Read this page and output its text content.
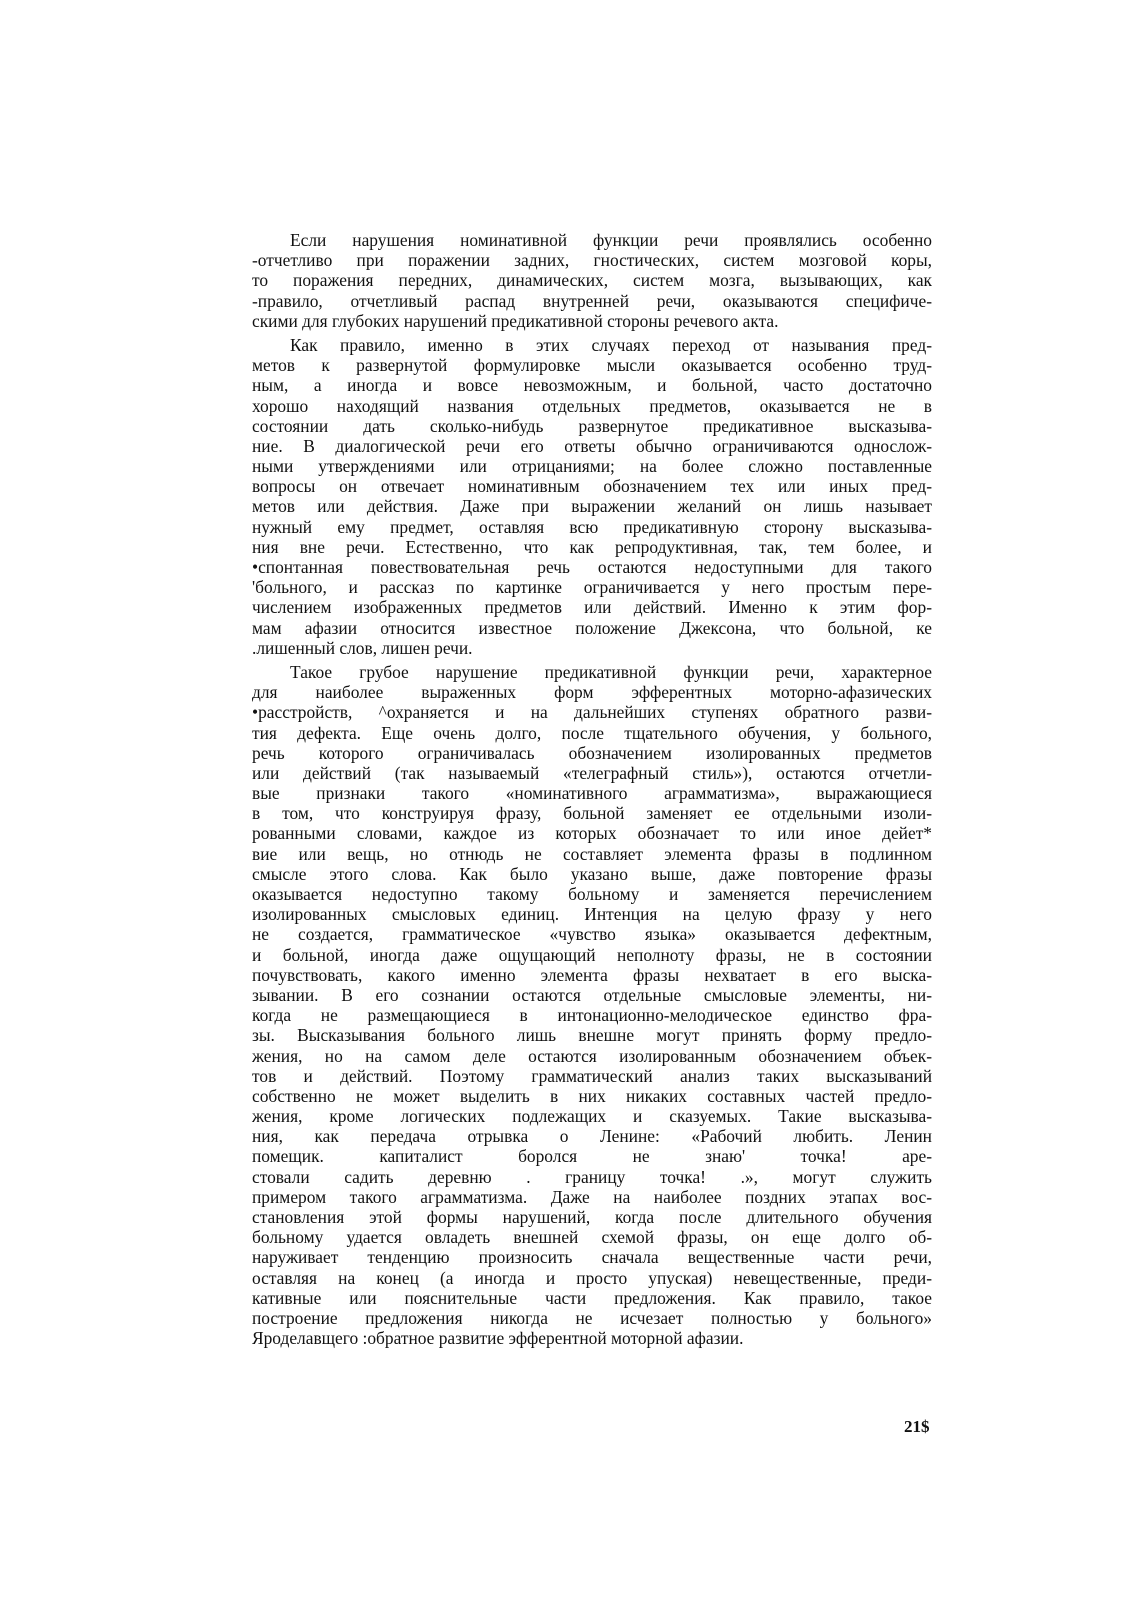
Если нарушения номинативной функции речи проявлялись особенно
-отчетливо при поражении задних, гностических, систем мозговой коры,
то поражения передних, динамических, систем мозга, вызывающих, как
-правило, отчетливый распад внутренней речи, оказываются специфиче-
скими для глубоких нарушений предикативной стороны речевого акта.
Как правило, именно в этих случаях переход от называния пред-
метов к развернутой формулировке мысли оказывается особенно труд-
ным, а иногда и вовсе невозможным, и больной, часто достаточно
хорошо находящий названия отдельных предметов, оказывается не в
состоянии дать сколько-нибудь развернутое предикативное высказыва-
ние. В диалогической речи его ответы обычно ограничиваются однослож-
ными утверждениями или отрицаниями; на более сложно поставленные
вопросы он отвечает номинативным обозначением тех или иных пред-
метов или действия. Даже при выражении желаний он лишь называет
нужный ему предмет, оставляя всю предикативную сторону высказыва-
ния вне речи. Естественно, что как репродуктивная, так, тем более, и
•спонтанная повествовательная речь остаются недоступными для такого
'больного, и рассказ по картинке ограничивается у него простым пере-
числением изображенных предметов или действий. Именно к этим фор-
мам афазии относится известное положение Джексона, что больной, ке
.лишенный слов, лишен речи.
Такое грубое нарушение предикативной функции речи, характерное
для наиболее выраженных форм эфферентных моторно-афазических
•расстройств, ^охраняется и на дальнейших ступенях обратного разви-
тия дефекта. Еще очень долго, после тщательного обучения, у больного,
речь которого ограничивалась обозначением изолированных предметов
или действий (так называемый «телеграфный стиль»), остаются отчетли-
вые признаки такого «номинативного аграмматизма», выражающиеся
в том, что конструируя фразу, больной заменяет ее отдельными изоли-
рованными словами, каждое из которых обозначает то или иное дейет*
вие или вещь, но отнюдь не составляет элемента фразы в подлинном
смысле этого слова. Как было указано выше, даже повторение фразы
оказывается недоступно такому больному и заменяется перечислением
изолированных смысловых единиц. Интенция на целую фразу у него
не создается, грамматическое «чувство языка» оказывается дефектным,
и больной, иногда даже ощущающий неполноту фразы, не в состоянии
почувствовать, какого именно элемента фразы нехватает в его выска-
зывании. В его сознании остаются отдельные смысловые элементы, ни-
когда не размещающиеся в интонационно-мелодическое единство фра-
зы. Высказывания больного лишь внешне могут принять форму предло-
жения, но на самом деле остаются изолированным обозначением объек-
тов и действий. Поэтому грамматический анализ таких высказываний
собственно не может выделить в них никаких составных частей предло-
жения, кроме логических подлежащих и сказуемых. Такие высказыва-
ния, как передача отрывка о Ленине: «Рабочий любить. Ленин
помещик. капиталист боролся не знаю' точка! аре-
стовали садить деревню . границу точка! .», могут служить
примером такого аграмматизма. Даже на наиболее поздних этапах вос-
становления этой формы нарушений, когда после длительного обучения
больному удается овладеть внешней схемой фразы, он еще долго об-
наруживает тенденцию произносить сначала вещественные части речи,
оставляя на конец (а иногда и просто упуская) невещественные, преди-
кативные или пояснительные части предложения. Как правило, такое
построение предложения никогда не исчезает полностью у больного»
Яроделавщего :обратное развитие эфферентной моторной афазии.
21$
